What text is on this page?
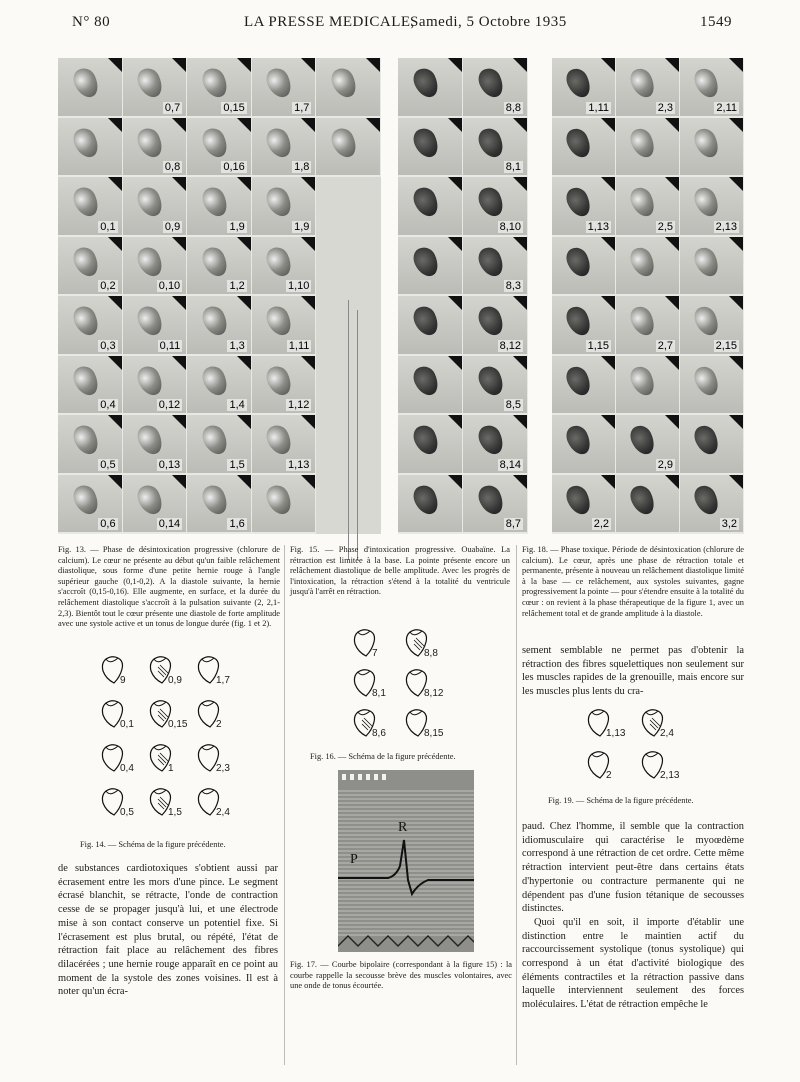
N° 80	LA PRESSE MEDICALE,
Samedi, 5 Octobre 1935	1549
0,1
0,2
0,3
0,4
0,5
0,6
0,7
0,8
0,9
0,10
0,11
0,12
0,13
0,14
0,15
0,16
1,9
1,2
1,3
1,4
1,5
1,6
1,7
1,8
1,9
1,10
1,11
1,12
1,13
8,8
8,1
8,10
8,3
8,12
8,5
8,14
8,7
1,11
1,13
1,15
2,2
2,3
2,5
2,7
2,9
2,11
2,13
2,15
3,2
Fig. 13. — Phase de désintoxication progressive (chlorure de calcium). Le cœur ne présente au début qu'un faible relâchement diastolique, sous forme d'une petite hernie rouge à l'angle supérieur gauche (0,1-0,2). A la diastole suivante, la hernie s'accroît (0,15-0,16). Elle augmente, en surface, et la durée du relâchement diastolique s'accroît à la pulsation suivante (2, 2,1-2,3). Bientôt tout le cœur présente une diastole de forte amplitude avec une systole active et un tonus de longue durée (fig. 1 et 2).
Fig. 15. — Phase d'intoxication progressive. Ouabaïne. La rétraction est limitée à la base. La pointe présente encore un relâchement diastolique de belle amplitude. Avec les progrès de l'intoxication, la rétraction s'étend à la totalité du ventricule jusqu'à l'arrêt en rétraction.
Fig. 18. — Phase toxique. Période de désintoxication (chlorure de calcium). Le cœur, après une phase de rétraction totale et permanente, présente à nouveau un relâchement diastolique limité à la base — ce relâchement, aux systoles suivantes, gagne progressivement la pointe — pour s'étendre ensuite à la totalité du cœur : on revient à la phase thérapeutique de la figure 1, avec un relâchement total et de grande amplitude à la diastole.
9	0,9	1,7
0,1	0,15	2
0,4	1	2,3
0,5	1,5	2,4
Fig. 14. — Schéma de la figure précédente.
7	8,8
8,1	8,12
8,6	8,15
Fig. 16. — Schéma de la figure précédente.
P
R
Fig. 17. — Courbe bipolaire (correspondant à la figure 15) : la courbe rappelle la secousse brève des muscles volontaires, avec une onde de tonus écourtée.
de substances cardiotoxiques s'obtient aussi par écrasement entre les mors d'une pince. Le segment écrasé blanchit, se rétracte, l'onde de contraction cesse de se propager jusqu'à lui, et une électrode mise à son contact conserve un potentiel fixe. Si l'écrasement est plus brutal, ou répété, l'état de rétraction fait place au relâchement des fibres dilacérées ; une hernie rouge apparaît en ce point au moment de la systole des zones voisines. Il est à noter qu'un écra-
sement semblable ne permet pas d'obtenir la rétraction des fibres squelettiques non seulement sur les muscles rapides de la grenouille, mais encore sur les muscles plus lents du cra-
1,13	2,4
2	2,13
Fig. 19. — Schéma de la figure précédente.
paud. Chez l'homme, il semble que la contraction idiomusculaire qui caractérise le myoœdème correspond à une rétraction de cet ordre. Cette même rétraction intervient peut-être dans certains états d'hypertonie ou contracture permanente qui ne dépendent pas d'une fusion tétanique de secousses distinctes.
Quoi qu'il en soit, il importe d'établir une distinction entre le maintien actif du raccourcissement systolique (tonus systolique) qui correspond à un état d'activité biologique des éléments contractiles et la rétraction passive dans laquelle interviennent seulement des forces moléculaires. L'état de rétraction empêche le
